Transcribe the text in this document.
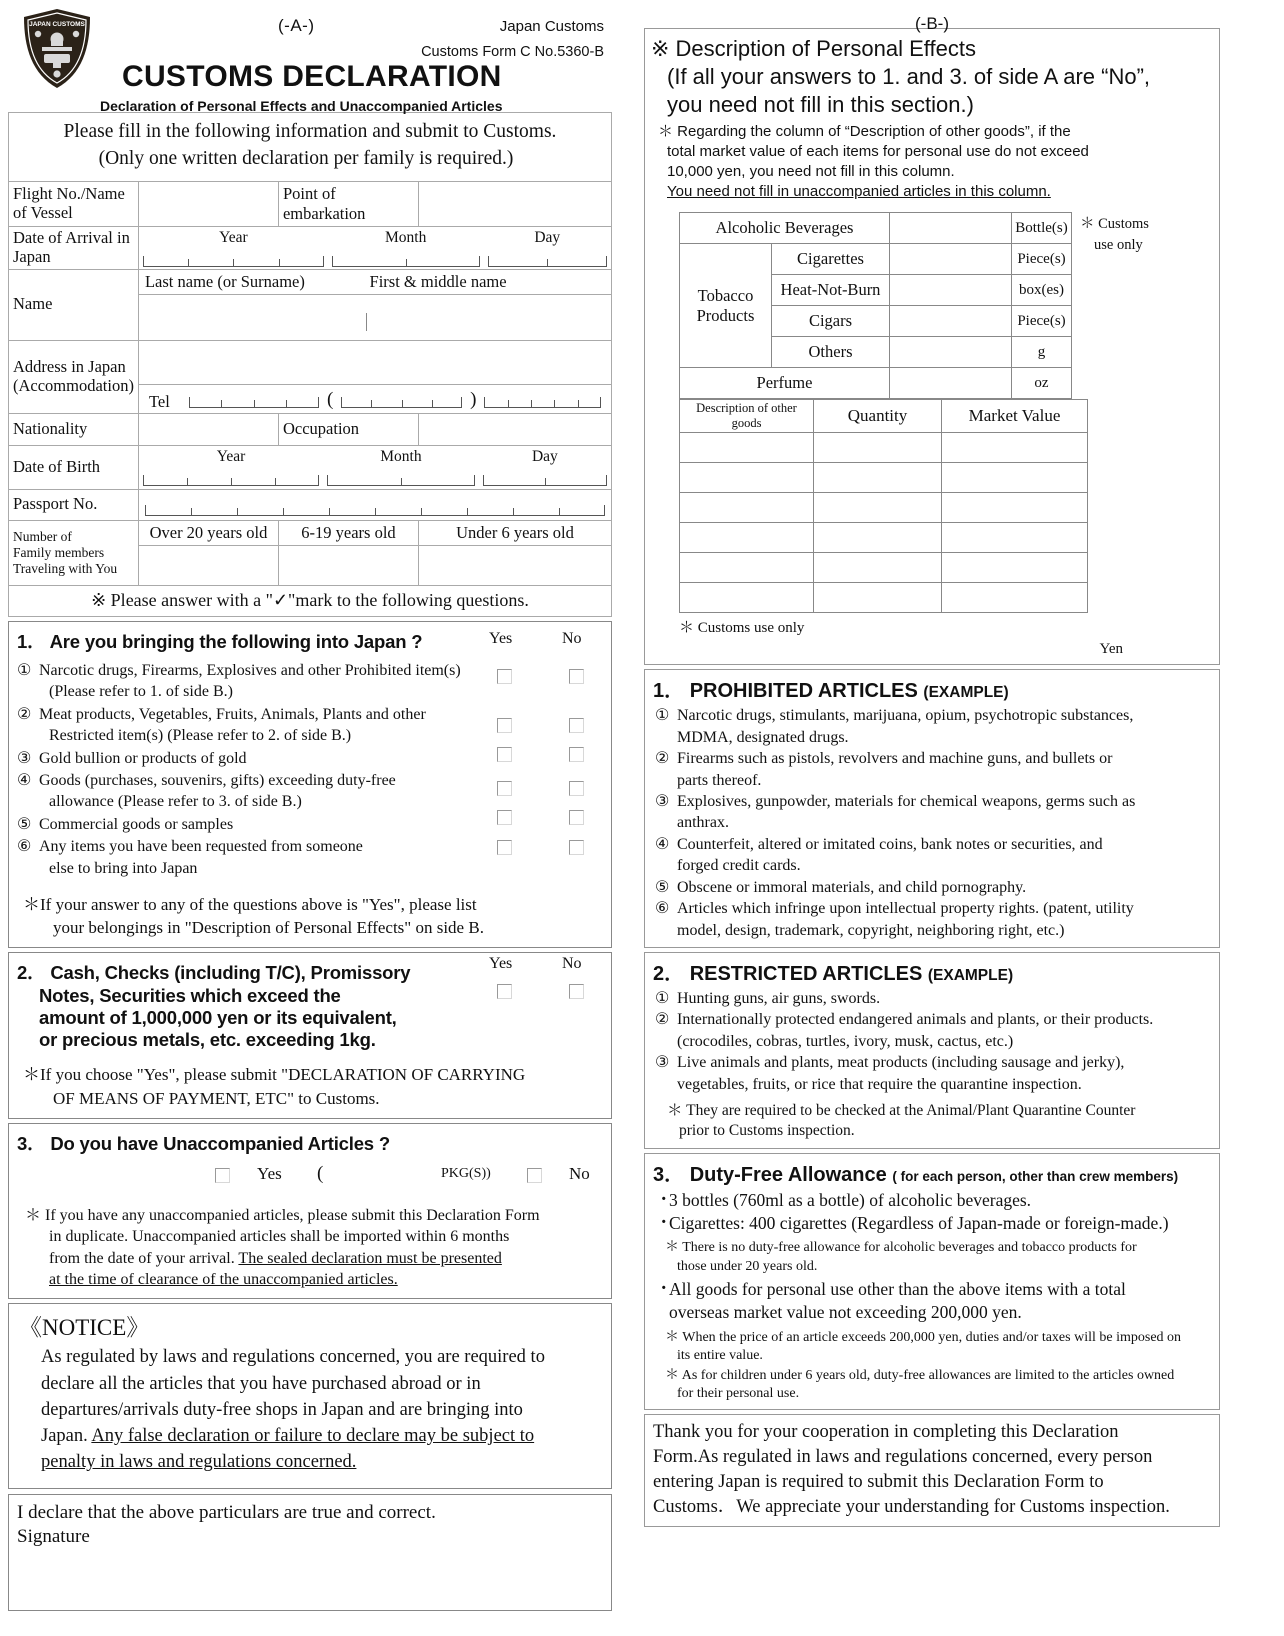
JAPAN CUSTOMS	(-A-)	Japan Customs
Customs Form C No.5360-B
CUSTOMS DECLARATION
Declaration of Personal Effects and Unaccompanied Articles
Please fill in the following information and submit to Customs.
(Only one written declaration per family is required.)
Flight No./Name of Vessel		Point of embarkation	
Date of Arrival in Japan	
Year	Month	Day

Name	
Last name (or Surname)	First & middle name

Address in Japan
(Accommodation)

Tel		(		)	

Nationality		Occupation	
Date of Birth	
Year	Month	Day

Passport No.	

Number of
Family members
Traveling with You
	Over 20 years old	6-19 years old	Under 6 years old

※ Please answer with a "✓"mark to the following questions.
1． Are you bringing the following into Japan ?	Yes	No
① Narcotic drugs, Firearms, Explosives and other Prohibited item(s)
(Please refer to 1. of side B.)
② Meat products, Vegetables, Fruits, Animals, Plants and other
Restricted item(s) (Please refer to 2. of side B.)
③ Gold bullion or products of gold
④ Goods (purchases, souvenirs, gifts) exceeding duty-free
allowance (Please refer to 3. of side B.)
⑤ Commercial goods or samples
⑥ Any items you have been requested from someone
else to bring into Japan
＊If your answer to any of the questions above is "Yes", please list
your belongings in "Description of Personal Effects" on side B.
2． Cash, Checks (including T/C), Promissory
Notes, Securities which exceed the
amount of 1,000,000 yen or its equivalent,
or precious metals, etc. exceeding 1kg.
Yes	No
＊If you choose "Yes", please submit "DECLARATION OF CARRYING
OF MEANS OF PAYMENT, ETC" to Customs.
3． Do you have Unaccompanied Articles ?
Yes (	PKG(S))	No
＊ If you have any unaccompanied articles, please submit this Declaration Form
in duplicate. Unaccompanied articles shall be imported within 6 months
from the date of your arrival. The sealed declaration must be presented
at the time of clearance of the unaccompanied articles.
《NOTICE》
As regulated by laws and regulations concerned, you are required to
declare all the articles that you have purchased abroad or in
departures/arrivals duty-free shops in Japan and are bringing into
Japan. Any false declaration or failure to declare may be subject to
penalty in laws and regulations concerned.
I declare that the above particulars are true and correct.
Signature
(-B-)
※ Description of Personal Effects
(If all your answers to 1. and 3. of side A are “No”,
you need not fill in this section.)
＊ Regarding the column of “Description of other goods”, if the
total market value of each items for personal use do not exceed
10,000 yen, you need not fill in this column.
You need not fill in unaccompanied articles in this column.
Alcoholic Beverages			Bottle(s)	＊ Customs
use only

Tobacco
Products	Cigarettes		Piece(s)	
	Heat-Not-Burn		box(es)	
	Cigars		Piece(s)	
	Others		g	
Perfume			oz	
Description of other goods	Quantity	Market Value	

＊ Customs use only
Yen
1． PROHIBITED ARTICLES (EXAMPLE)
① Narcotic drugs, stimulants, marijuana, opium, psychotropic substances,
MDMA, designated drugs.
② Firearms such as pistols, revolvers and machine guns, and bullets or
parts thereof.
③ Explosives, gunpowder, materials for chemical weapons, germs such as
anthrax.
④ Counterfeit, altered or imitated coins, bank notes or securities, and
forged credit cards.
⑤ Obscene or immoral materials, and child pornography.
⑥ Articles which infringe upon intellectual property rights. (patent, utility
model, design, trademark, copyright, neighboring right, etc.)
2． RESTRICTED ARTICLES (EXAMPLE)
① Hunting guns, air guns, swords.
② Internationally protected endangered animals and plants, or their products.
(crocodiles, cobras, turtles, ivory, musk, cactus, etc.)
③ Live animals and plants, meat products (including sausage and jerky),
vegetables, fruits, or rice that require the quarantine inspection.
＊ They are required to be checked at the Animal/Plant Quarantine Counter
prior to Customs inspection.
3． Duty-Free Allowance ( for each person, other than crew members)
・
3 bottles (760ml as a bottle) of alcoholic beverages.
・
Cigarettes: 400 cigarettes (Regardless of Japan-made or foreign-made.)
＊ There is no duty-free allowance for alcoholic beverages and tobacco products for
those under 20 years old.
・
All goods for personal use other than the above items with a total
overseas market value not exceeding 200,000 yen.
＊ When the price of an article exceeds 200,000 yen, duties and/or taxes will be imposed on
its entire value.
＊ As for children under 6 years old, duty-free allowances are limited to the articles owned
for their personal use.
Thank you for your cooperation in completing this Declaration
Form.As regulated in laws and regulations concerned, every person
entering Japan is required to submit this Declaration Form to
Customs．We appreciate your understanding for Customs inspection.
